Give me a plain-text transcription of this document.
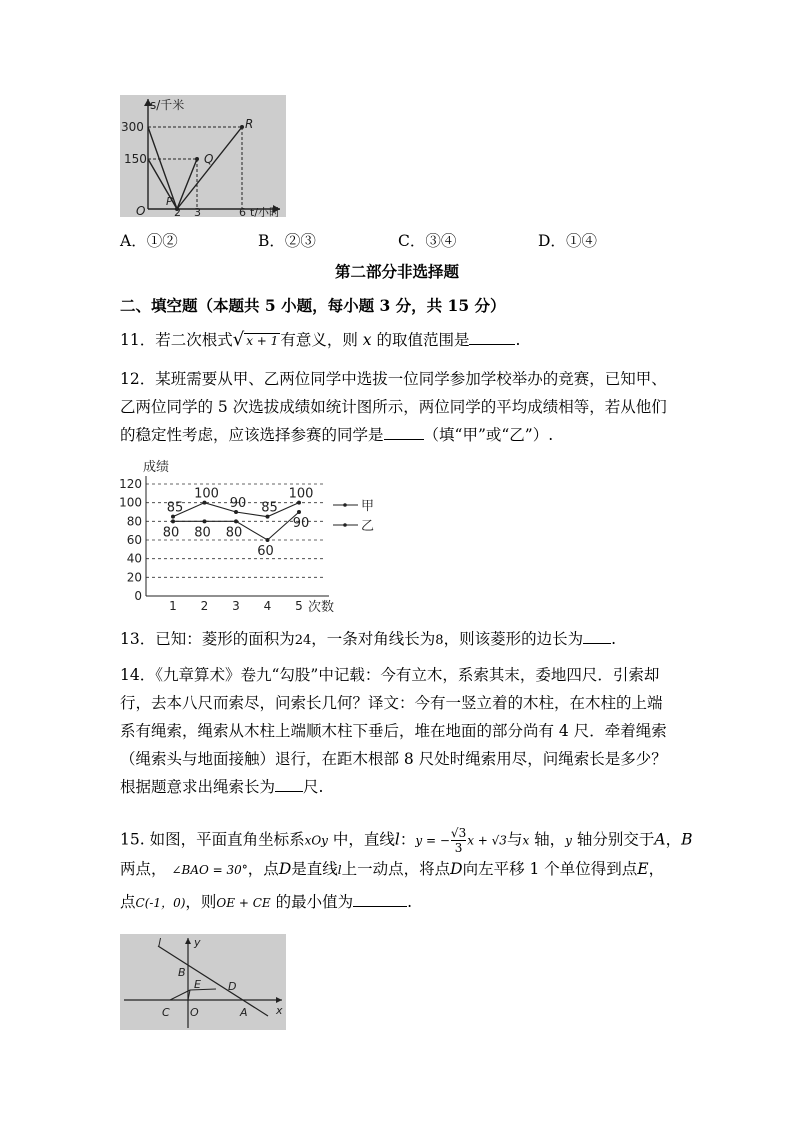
s/千米
300
150
O	2 3	6 t/小时
R
Q
P
A．①②	B．②③	C．③④	D．①④
第二部分非选择题
二、填空题（本题共 5 小题，每小题 3 分，共 15 分）
11．若二次根式√ x + 1 有意义，则 x 的取值范围是	.
12．某班需要从甲、乙两位同学中选拔一位同学参加学校举办的竞赛，已知甲、
乙两位同学的 5 次选拔成绩如统计图所示，两位同学的平均成绩相等，若从他们
的稳定性考虑，应该选择参赛的同学是	（填“甲”或“乙”）.
成绩
0
20
40
60
80
100
120
1 2 3 4 5 次数
85
100
90 85
100
80 80 80
60
90
甲
乙
13．已知：菱形的面积为24，一条对角线长为8，则该菱形的边长为 .
14．《九章算术》卷九“勾股”中记载：今有立木，系索其末，委地四尺．引索却
行，去本八尺而索尽，问索长几何？译文：今有一竖立着的木柱，在木柱的上端
系有绳索，绳索从木柱上端顺木柱下垂后，堆在地面的部分尚有 4 尺．牵着绳索
（绳索头与地面接触）退行，在距木根部 8 尺处时绳索用尽，问绳索长是多少？
根据题意求出绳索长为 尺.
15. 如图，平面直角坐标系xOy 中，直线l：y = − $\frac{√3}{3}$ x + √3与x 轴，y 轴分别交于A，B
两点， ∠BAO = 30°，点D是直线l上一动点，将点D向左平移 1 个单位得到点E，
点C(-1，0)，则OE + CE 的最小值为	.
l	y
x
B
E D
C O	A
